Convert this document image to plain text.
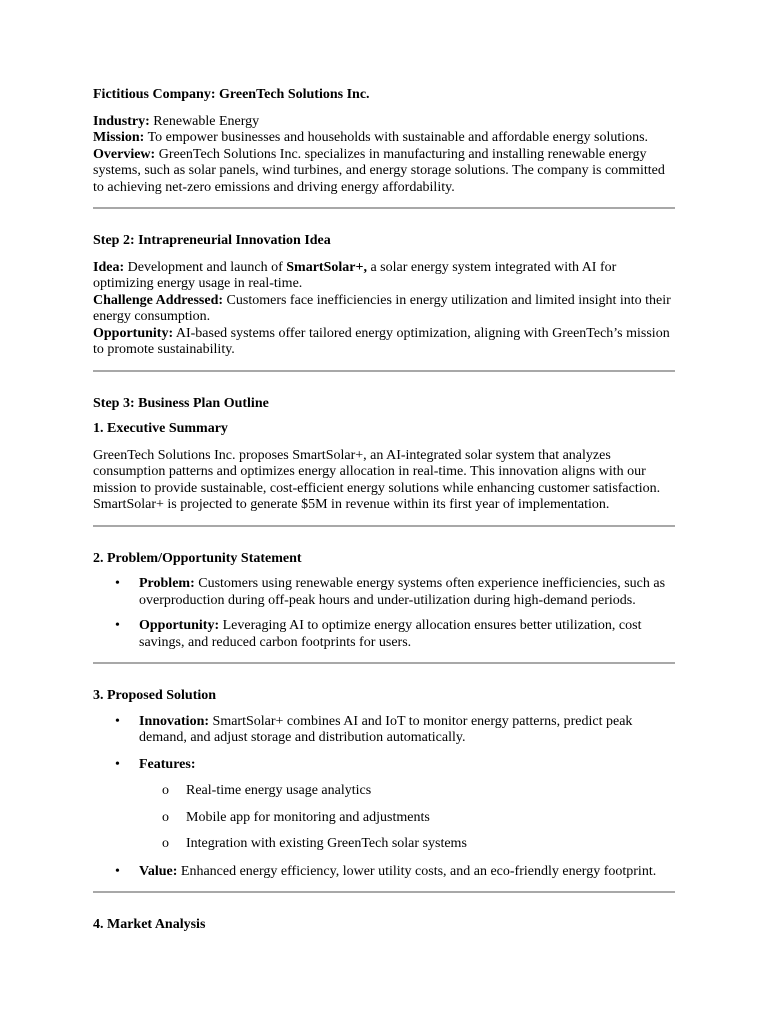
Fictitious Company: GreenTech Solutions Inc.

Industry: Renewable Energy

Mission: To empower businesses and households with sustainable and affordable energy solutions.

Overview: GreenTech Solutions Inc. specializes in manufacturing and installing renewable energy systems, such as solar panels, wind turbines, and energy storage solutions. The company is committed to achieving net-zero emissions and driving energy affordability.

Step 2: Intrapreneurial Innovation Idea

Idea: Development and launch of SmartSolar+, a solar energy system integrated with AI for optimizing energy usage in real-time.

Challenge Addressed: Customers face inefficiencies in energy utilization and limited insight into their energy consumption.

Opportunity: AI-based systems offer tailored energy optimization, aligning with GreenTech’s mission to promote sustainability.

Step 3: Business Plan Outline

1. Executive Summary

GreenTech Solutions Inc. proposes SmartSolar+, an AI-integrated solar system that analyzes consumption patterns and optimizes energy allocation in real-time. This innovation aligns with our mission to provide sustainable, cost-efficient energy solutions while enhancing customer satisfaction. SmartSolar+ is projected to generate $5M in revenue within its first year of implementation.

2. Problem/Opportunity Statement

• Problem: Customers using renewable energy systems often experience inefficiencies, such as overproduction during off-peak hours and under-utilization during high-demand periods.
• Opportunity: Leveraging AI to optimize energy allocation ensures better utilization, cost savings, and reduced carbon footprints for users.

3. Proposed Solution

• Innovation: SmartSolar+ combines AI and IoT to monitor energy patterns, predict peak demand, and adjust storage and distribution automatically.
• Features:
o Real-time energy usage analytics
o Mobile app for monitoring and adjustments
o Integration with existing GreenTech solar systems
• Value: Enhanced energy efficiency, lower utility costs, and an eco-friendly energy footprint.

4. Market Analysis
